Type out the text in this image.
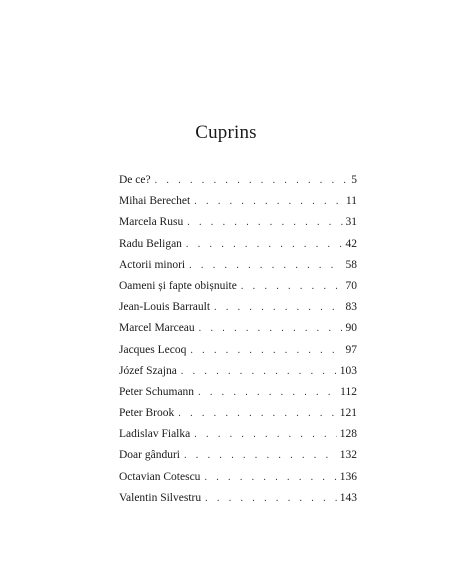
Cuprins
De ce? . . .	5
Mihai Berechet . . .	11
Marcela Rusu . . .	31
Radu Beligan . . .	42
Actorii minori . . .	58
Oameni și fapte obișnuite . . .	70
Jean-Louis Barrault . . .	83
Marcel Marceau . . .	90
Jacques Lecoq . . .	97
Józef Szajna . . .	103
Peter Schumann . . .	112
Peter Brook . . .	121
Ladislav Fialka . . .	128
Doar gânduri . . .	132
Octavian Cotescu . . .	136
Valentin Silvestru . . .	143
